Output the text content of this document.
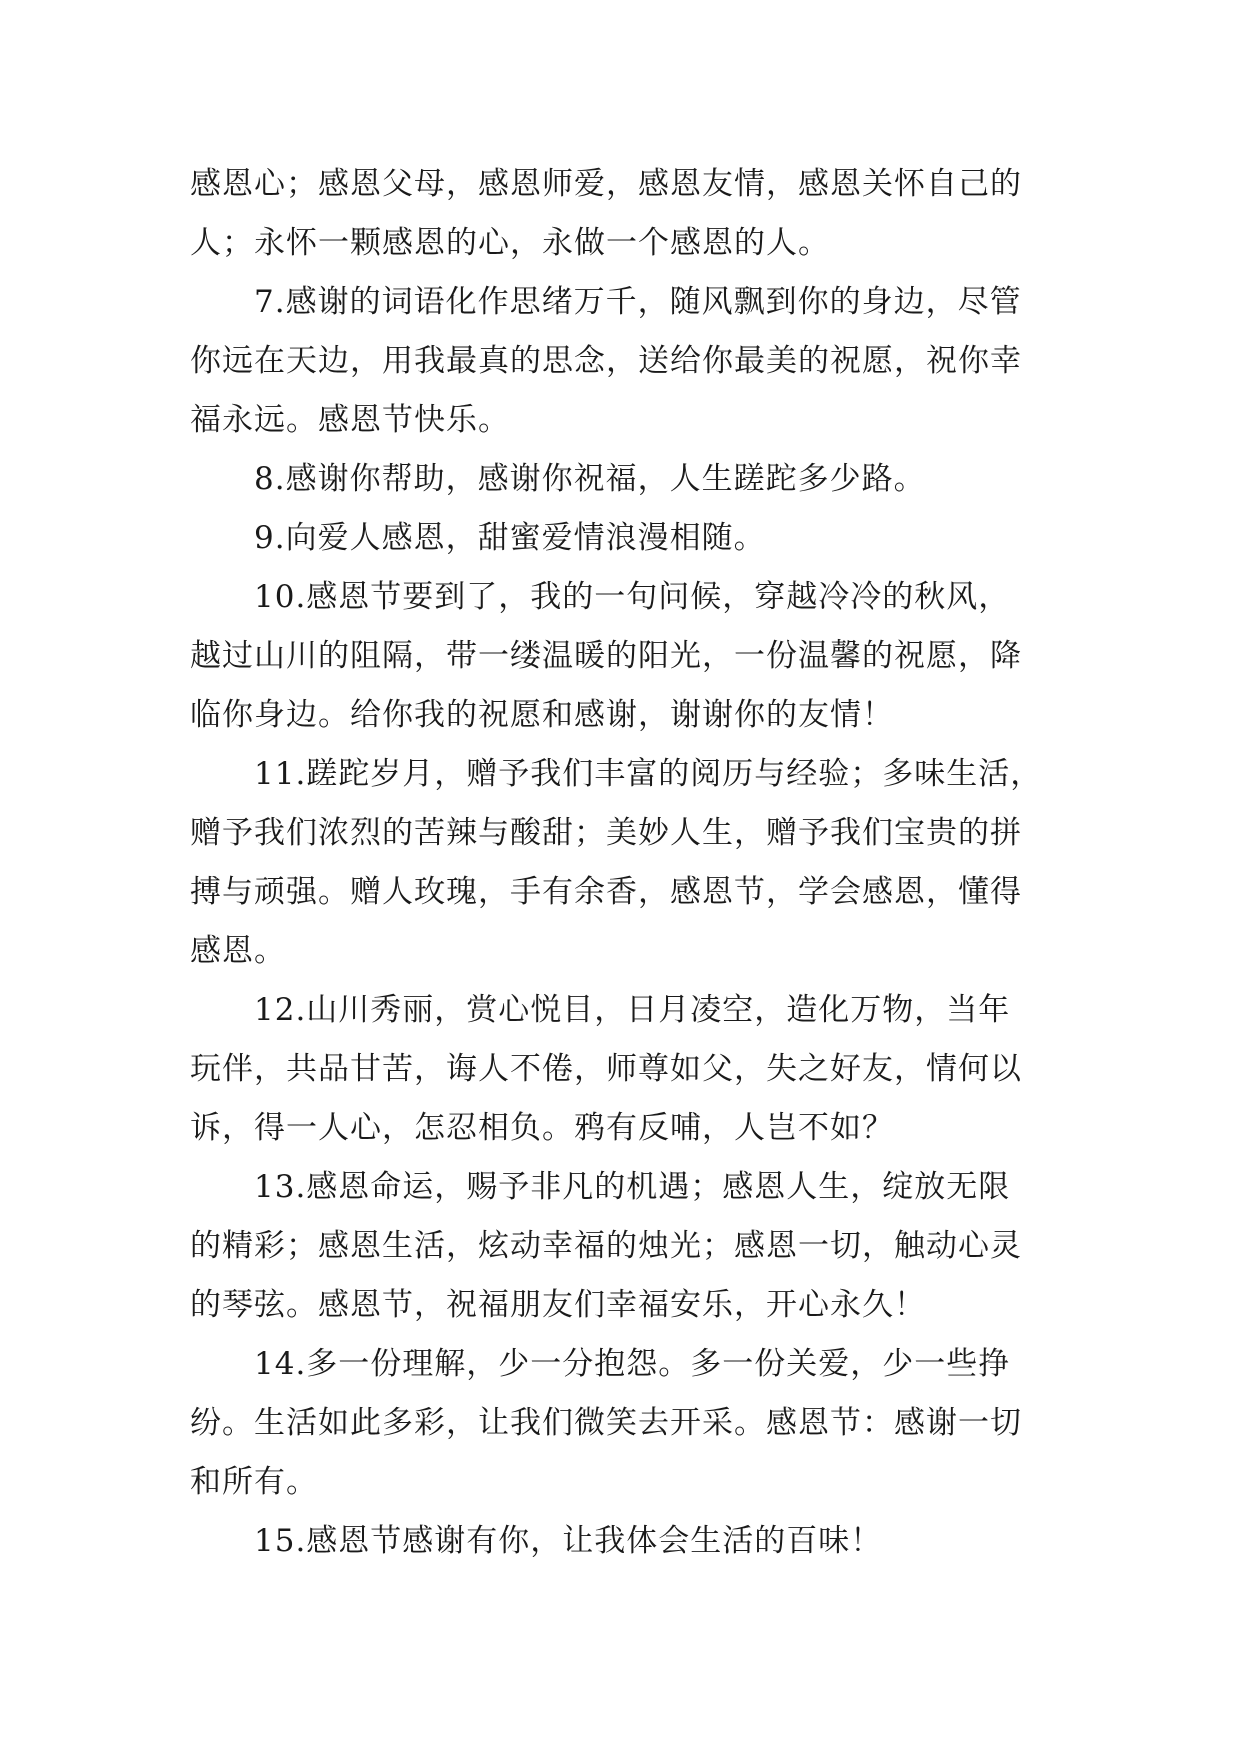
感恩心；感恩父母，感恩师爱，感恩友情，感恩关怀自己的
人；永怀一颗感恩的心，永做一个感恩的人。

7.感谢的词语化作思绪万千，随风飘到你的身边，尽管
你远在天边，用我最真的思念，送给你最美的祝愿，祝你幸
福永远。感恩节快乐。

8.感谢你帮助，感谢你祝福，人生蹉跎多少路。

9.向爱人感恩，甜蜜爱情浪漫相随。

10.感恩节要到了，我的一句问候，穿越冷冷的秋风，
越过山川的阻隔，带一缕温暖的阳光，一份温馨的祝愿，降
临你身边。给你我的祝愿和感谢，谢谢你的友情！

11.蹉跎岁月，赠予我们丰富的阅历与经验；多味生活，
赠予我们浓烈的苦辣与酸甜；美妙人生，赠予我们宝贵的拼
搏与顽强。赠人玫瑰，手有余香，感恩节，学会感恩，懂得
感恩。

12.山川秀丽，赏心悦目，日月凌空，造化万物，当年
玩伴，共品甘苦，诲人不倦，师尊如父，失之好友，情何以
诉，得一人心，怎忍相负。鸦有反哺，人岂不如？

13.感恩命运，赐予非凡的机遇；感恩人生，绽放无限
的精彩；感恩生活，炫动幸福的烛光；感恩一切，触动心灵
的琴弦。感恩节，祝福朋友们幸福安乐，开心永久！

14.多一份理解，少一分抱怨。多一份关爱，少一些挣
纷。生活如此多彩，让我们微笑去开采。感恩节：感谢一切
和所有。

15.感恩节感谢有你，让我体会生活的百味！
